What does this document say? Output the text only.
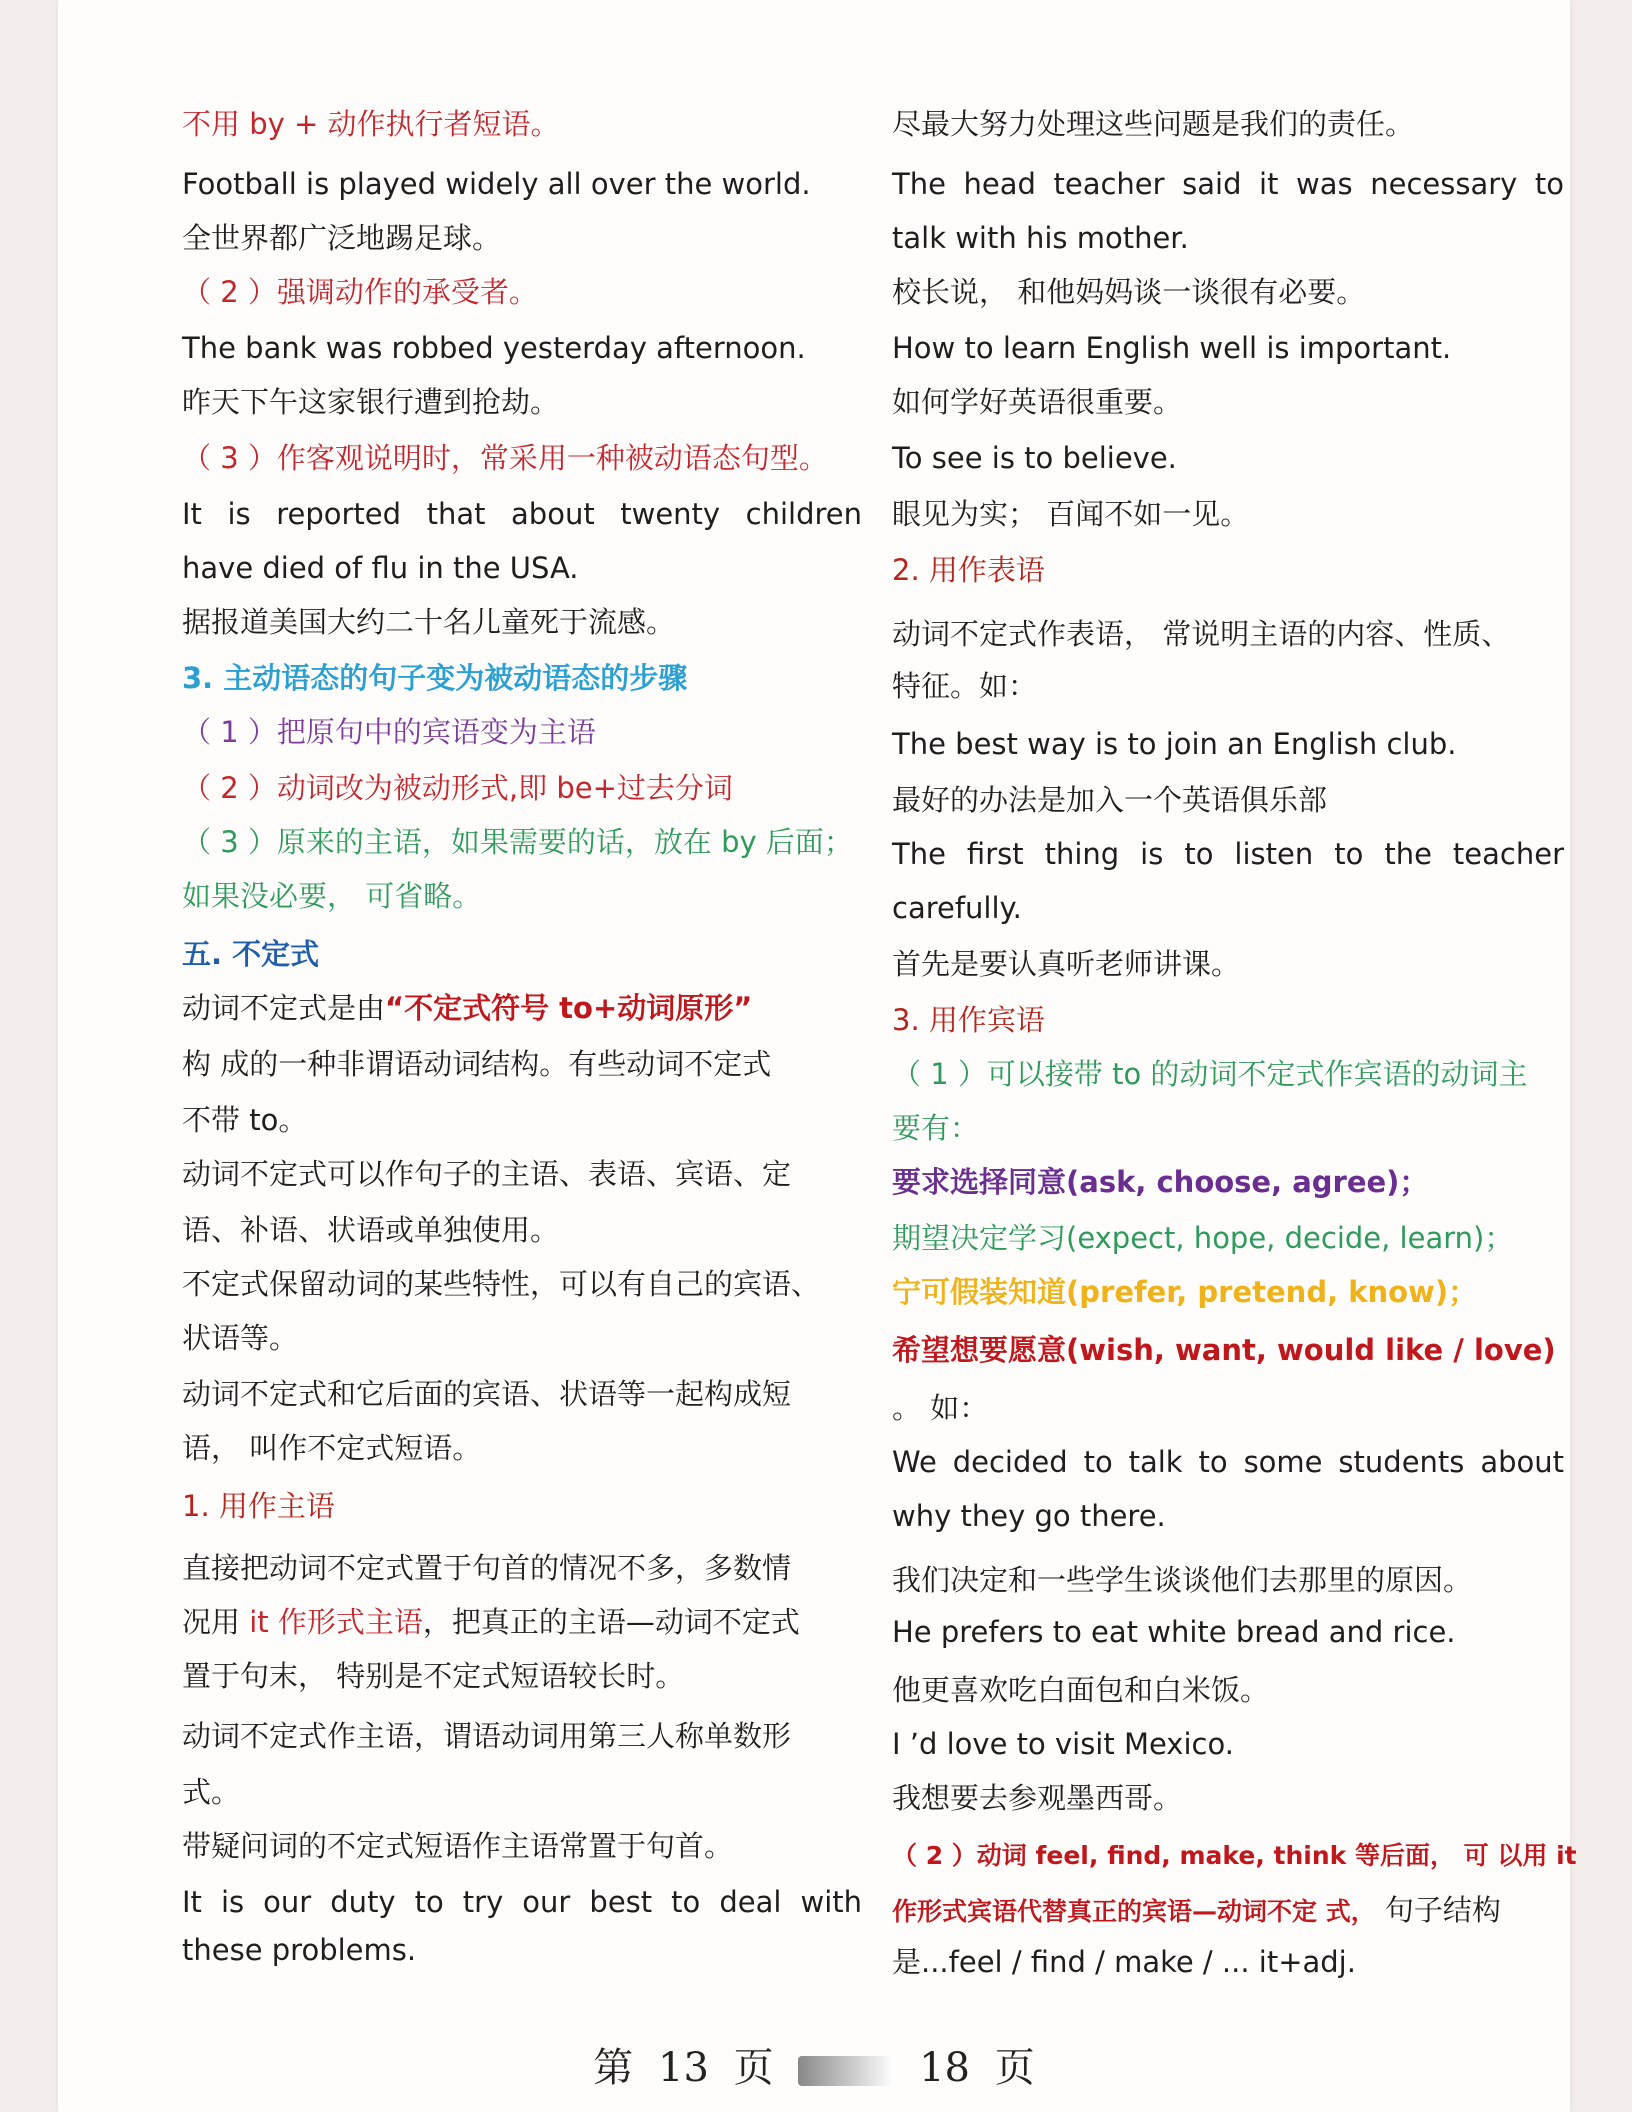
不用 by + 动作执行者短语。
Football is played widely all over the world.
全世界都广泛地踢足球。
（ 2 ）强调动作的承受者。
The bank was robbed yesterday afternoon.
昨天下午这家银行遭到抢劫。
（ 3 ）作客观说明时，常采用一种被动语态句型。
It is reported that about twenty children
have died of flu in the USA.
据报道美国大约二十名儿童死于流感。
3. 主动语态的句子变为被动语态的步骤
（ 1 ）把原句中的宾语变为主语
（ 2 ）动词改为被动形式,即 be+过去分词
（ 3 ）原来的主语，如果需要的话，放在 by 后面；
如果没必要， 可省略。
五. 不定式
动词不定式是由“不定式符号 to+动词原形”
构 成的一种非谓语动词结构。有些动词不定式
不带 to。
动词不定式可以作句子的主语、表语、宾语、定
语、补语、状语或单独使用。
不定式保留动词的某些特性，可以有自己的宾语、
状语等。
动词不定式和它后面的宾语、状语等一起构成短
语， 叫作不定式短语。
1. 用作主语
直接把动词不定式置于句首的情况不多，多数情
况用 it 作形式主语，把真正的主语—动词不定式
置于句末， 特别是不定式短语较长时。
动词不定式作主语，谓语动词用第三人称单数形
式。
带疑问词的不定式短语作主语常置于句首。
It is our duty to try our best to deal with
these problems.
尽最大努力处理这些问题是我们的责任。
The head teacher said it was necessary to
talk with his mother.
校长说， 和他妈妈谈一谈很有必要。
How to learn English well is important.
如何学好英语很重要。
To see is to believe.
眼见为实； 百闻不如一见。
2. 用作表语
动词不定式作表语， 常说明主语的内容、性质、
特征。如：
The best way is to join an English club.
最好的办法是加入一个英语俱乐部
The first thing is to listen to the teacher
carefully.
首先是要认真听老师讲课。
3. 用作宾语
（ 1 ）可以接带 to 的动词不定式作宾语的动词主
要有：
要求选择同意(ask, choose, agree)；
期望决定学习(expect, hope, decide, learn)；
宁可假装知道(prefer, pretend, know)；
希望想要愿意(wish, want, would like / love)
。 如：
We decided to talk to some students about
why they go there.
我们决定和一些学生谈谈他们去那里的原因。
He prefers to eat white bread and rice.
他更喜欢吃白面包和白米饭。
I ’d love to visit Mexico.
我想要去参观墨西哥。
（ 2 ）动词 feel, find, make, think 等后面， 可 以用 it
作形式宾语代替真正的宾语—动词不定 式， 句子结构
是...feel / find / make / ... it+adj.
第 13 页	18 页
